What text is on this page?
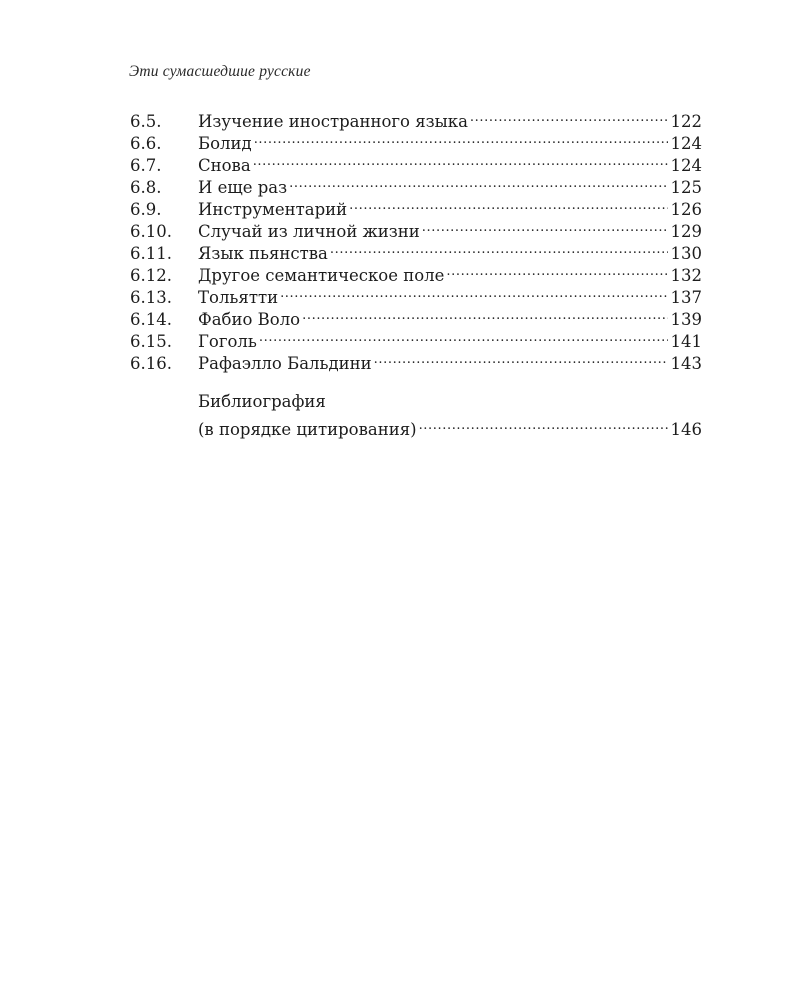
Эти сумасшедшие русские
6.5.	Изучение иностранного языка .....	122
6.6.	Болид .....	124
6.7.	Снова .....	124
6.8.	И еще раз .....	125
6.9.	Инструментарий .....	126
6.10.	Случай из личной жизни .....	129
6.11.	Язык пьянства .....	130
6.12.	Другое семантическое поле .....	132
6.13.	Тольятти .....	137
6.14.	Фабио Воло .....	139
6.15.	Гоголь .....	141
6.16.	Рафаэлло Бальдини .....	143
Библиография
(в порядке цитирования) .....	146
